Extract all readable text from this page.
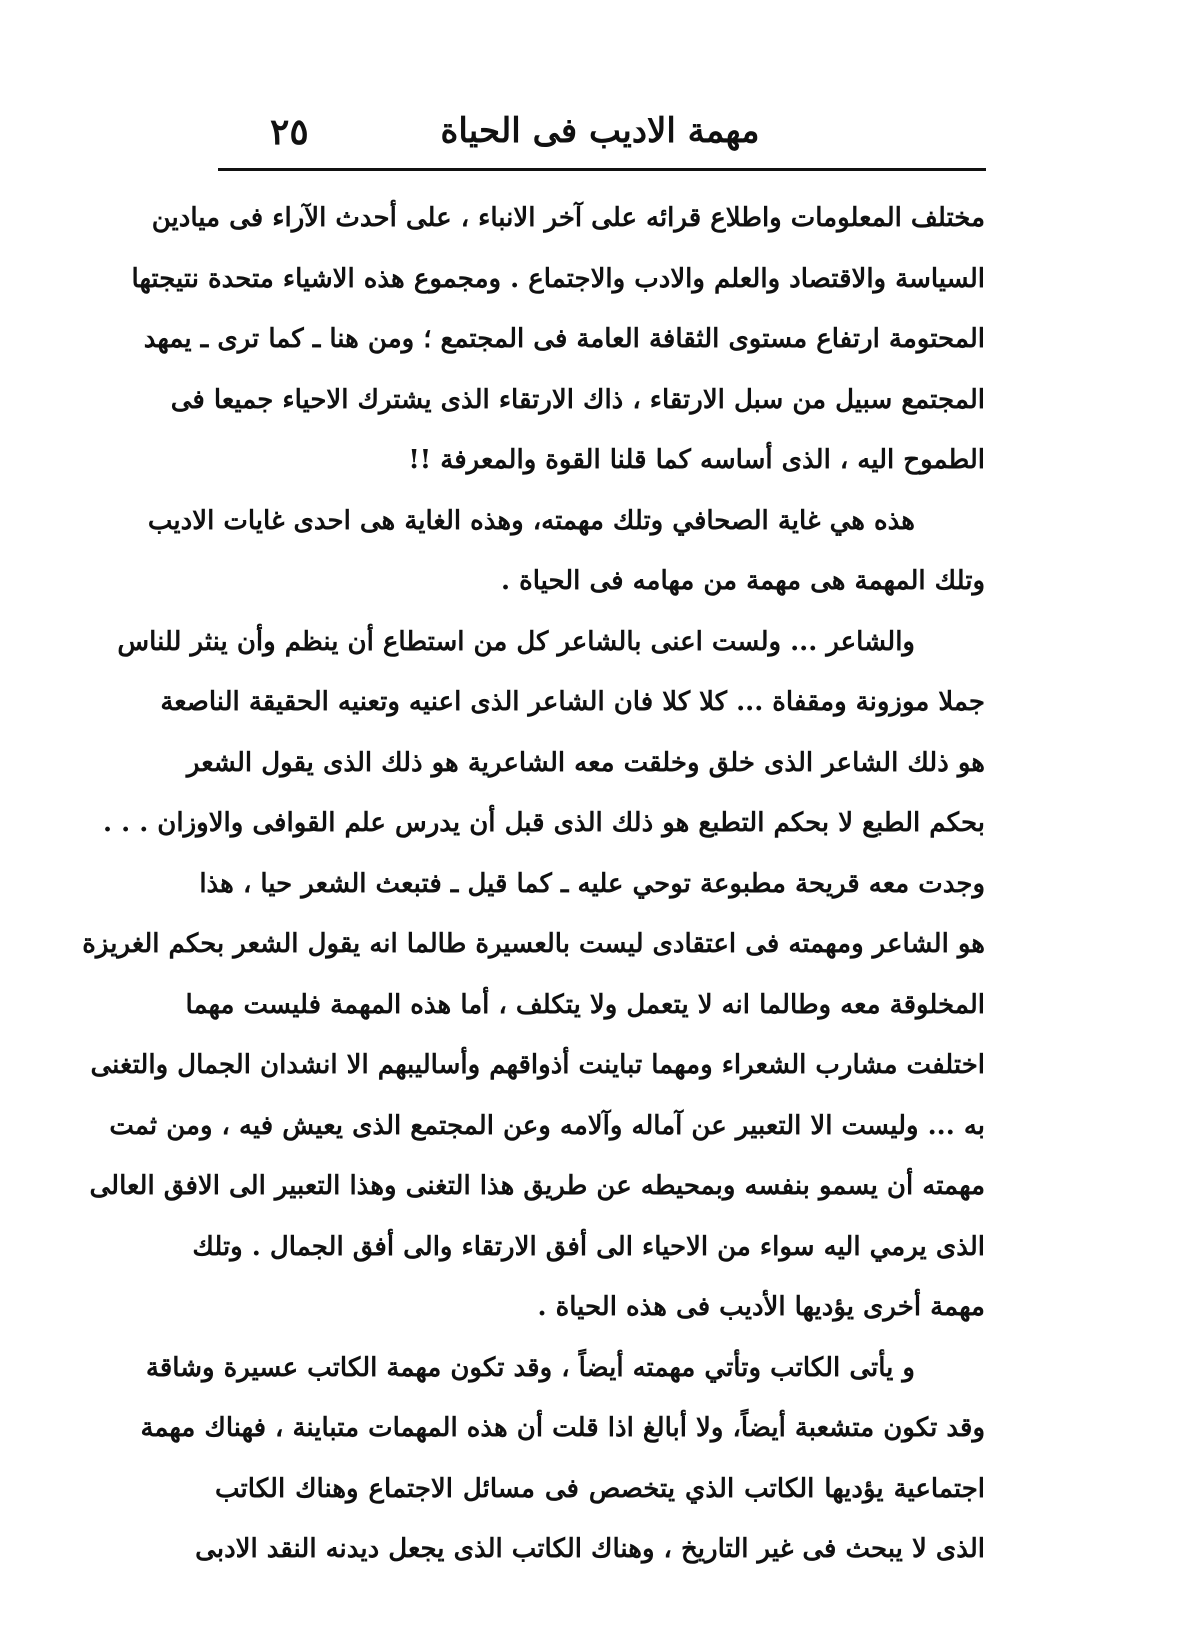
٢٥	مهمة الاديب فى الحياة
مختلف المعلومات واطلاع قرائه على آخر الانباء ، على أحدث الآراء فى ميادين
السياسة والاقتصاد والعلم والادب والاجتماع . ومجموع هذه الاشياء متحدة نتيجتها
المحتومة ارتفاع مستوى الثقافة العامة فى المجتمع ؛ ومن هنا ـ كما ترى ـ يمهد
المجتمع سبيل من سبل الارتقاء ، ذاك الارتقاء الذى يشترك الاحياء جميعا فى
الطموح اليه ، الذى أساسه كما قلنا القوة والمعرفة !!
هذه هي غاية الصحافي وتلك مهمته، وهذه الغاية هى احدى غايات الاديب
وتلك المهمة هى مهمة من مهامه فى الحياة .
والشاعر ... ولست اعنى بالشاعر كل من استطاع أن ينظم وأن ينثر للناس
جملا موزونة ومقفاة ... كلا كلا فان الشاعر الذى اعنيه وتعنيه الحقيقة الناصعة
هو ذلك الشاعر الذى خلق وخلقت معه الشاعرية هو ذلك الذى يقول الشعر
بحكم الطبع لا بحكم التطبع هو ذلك الذى قبل أن يدرس علم القوافى والاوزان . . .
وجدت معه قريحة مطبوعة توحي عليه ـ كما قيل ـ فتبعث الشعر حيا ، هذا
هو الشاعر ومهمته فى اعتقادى ليست بالعسيرة طالما انه يقول الشعر بحكم الغريزة
المخلوقة معه وطالما انه لا يتعمل ولا يتكلف ، أما هذه المهمة فليست مهما
اختلفت مشارب الشعراء ومهما تباينت أذواقهم وأساليبهم الا انشدان الجمال والتغنى
به ... وليست الا التعبير عن آماله وآلامه وعن المجتمع الذى يعيش فيه ، ومن ثمت
مهمته أن يسمو بنفسه وبمحيطه عن طريق هذا التغنى وهذا التعبير الى الافق العالى
الذى يرمي اليه سواء من الاحياء الى أفق الارتقاء والى أفق الجمال . وتلك
مهمة أخرى يؤديها الأديب فى هذه الحياة .
و يأتى الكاتب وتأتي مهمته أيضاً ، وقد تكون مهمة الكاتب عسيرة وشاقة
وقد تكون متشعبة أيضاً، ولا أبالغ اذا قلت أن هذه المهمات متباينة ، فهناك مهمة
اجتماعية يؤديها الكاتب الذي يتخصص فى مسائل الاجتماع وهناك الكاتب
الذى لا يبحث فى غير التاريخ ، وهناك الكاتب الذى يجعل ديدنه النقد الادبى
